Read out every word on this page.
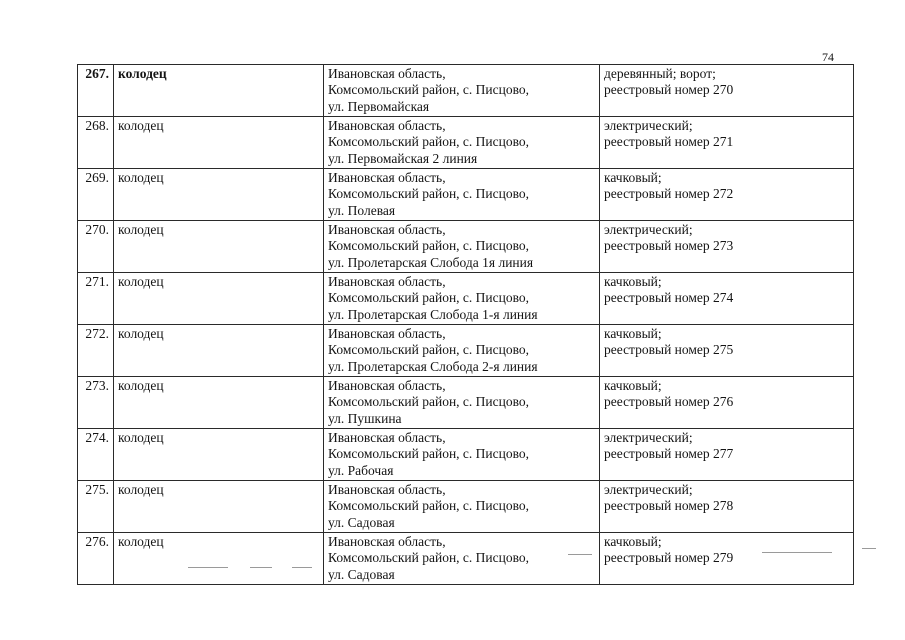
74
267.	колодец	Ивановская область,
Комсомольский район, с. Писцово,
ул. Первомайская	деревянный; ворот;
реестровый номер 270

268.	колодец	Ивановская область,
Комсомольский район, с. Писцово,
ул. Первомайская 2 линия	электрический;
реестровый номер 271

269.	колодец	Ивановская область,
Комсомольский район, с. Писцово,
ул. Полевая	качковый;
реестровый номер 272

270.	колодец	Ивановская область,
Комсомольский район, с. Писцово,
ул. Пролетарская Слобода 1я линия	электрический;
реестровый номер 273

271.	колодец	Ивановская область,
Комсомольский район, с. Писцово,
ул. Пролетарская Слобода 1-я линия	качковый;
реестровый номер 274

272.	колодец	Ивановская область,
Комсомольский район, с. Писцово,
ул. Пролетарская Слобода 2-я линия	качковый;
реестровый номер 275

273.	колодец	Ивановская область,
Комсомольский район, с. Писцово,
ул. Пушкина	качковый;
реестровый номер 276

274.	колодец	Ивановская область,
Комсомольский район, с. Писцово,
ул. Рабочая	электрический;
реестровый номер 277

275.	колодец	Ивановская область,
Комсомольский район, с. Писцово,
ул. Садовая	электрический;
реестровый номер 278

276.	колодец	Ивановская область,
Комсомольский район, с. Писцово,
ул. Садовая	качковый;
реестровый номер 279
